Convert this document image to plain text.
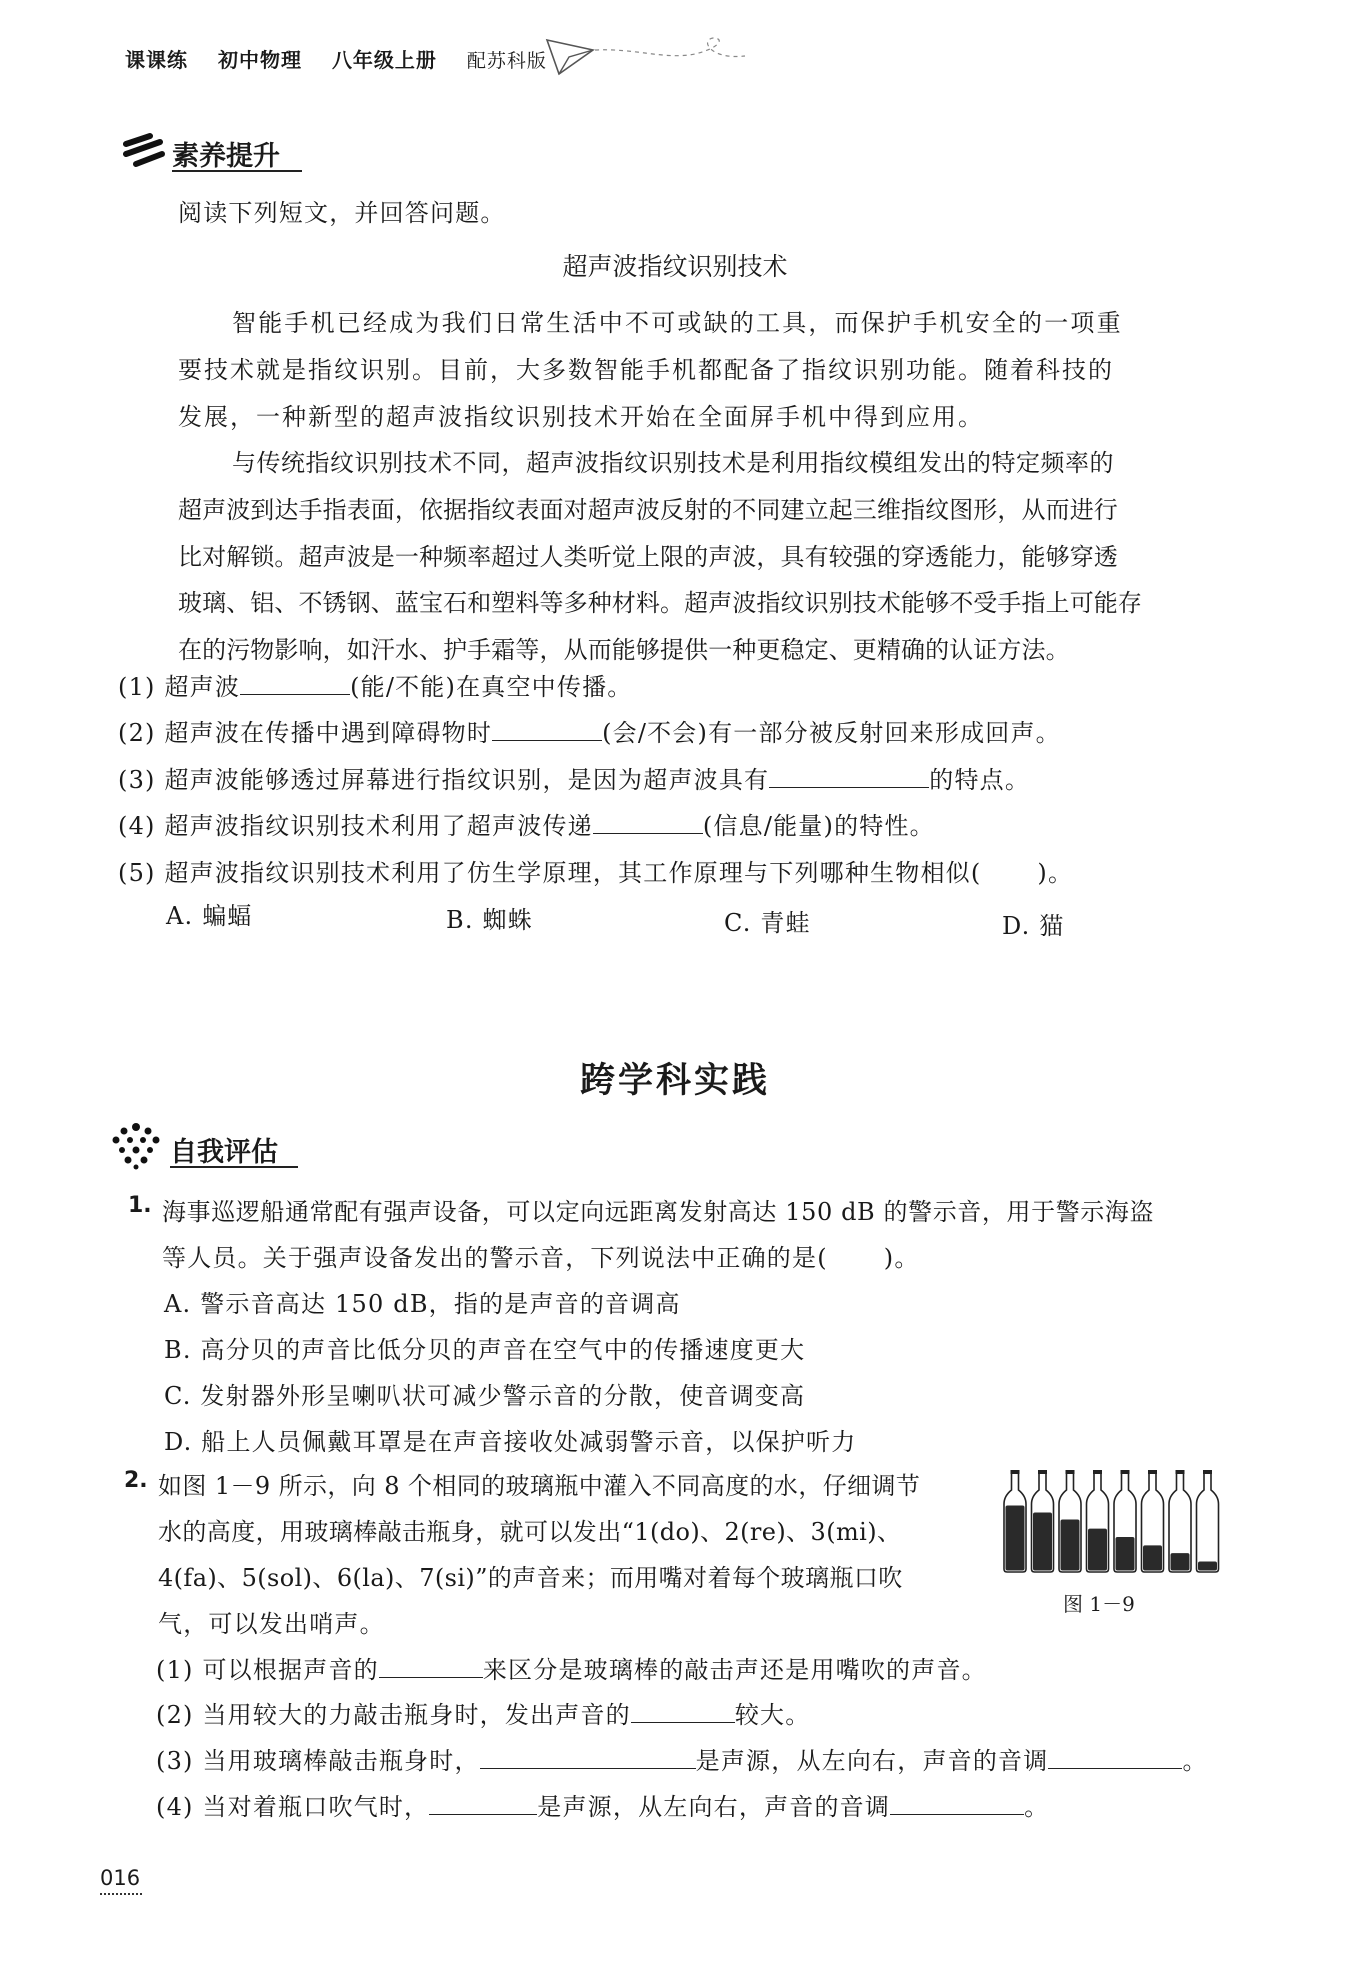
课课练 初中物理 八年级上册 配苏科版
素养提升
阅读下列短文，并回答问题。
超声波指纹识别技术
智能手机已经成为我们日常生活中不可或缺的工具，而保护手机安全的一项重
要技术就是指纹识别。目前，大多数智能手机都配备了指纹识别功能。随着科技的
发展，一种新型的超声波指纹识别技术开始在全面屏手机中得到应用。
与传统指纹识别技术不同，超声波指纹识别技术是利用指纹模组发出的特定频率的
超声波到达手指表面，依据指纹表面对超声波反射的不同建立起三维指纹图形，从而进行
比对解锁。超声波是一种频率超过人类听觉上限的声波，具有较强的穿透能力，能够穿透
玻璃、铝、不锈钢、蓝宝石和塑料等多种材料。超声波指纹识别技术能够不受手指上可能存
在的污物影响，如汗水、护手霜等，从而能够提供一种更稳定、更精确的认证方法。
(1) 超声波	(能/不能)在真空中传播。
(2) 超声波在传播中遇到障碍物时	(会/不会)有一部分被反射回来形成回声。
(3) 超声波能够透过屏幕进行指纹识别，是因为超声波具有	的特点。
(4) 超声波指纹识别技术利用了超声波传递	(信息/能量)的特性。
(5) 超声波指纹识别技术利用了仿生学原理，其工作原理与下列哪种生物相似( )。
A. 蝙蝠	B. 蜘蛛	C. 青蛙	D. 猫
跨学科实践
自我评估
1. 海事巡逻船通常配有强声设备，可以定向远距离发射高达 150 dB 的警示音，用于警示海盗
等人员。关于强声设备发出的警示音，下列说法中正确的是( )。
A. 警示音高达 150 dB，指的是声音的音调高
B. 高分贝的声音比低分贝的声音在空气中的传播速度更大
C. 发射器外形呈喇叭状可减少警示音的分散，使音调变高
D. 船上人员佩戴耳罩是在声音接收处减弱警示音，以保护听力
2. 如图 1－9 所示，向 8 个相同的玻璃瓶中灌入不同高度的水，仔细调节
水的高度，用玻璃棒敲击瓶身，就可以发出“1(do)、2(re)、3(mi)、
4(fa)、5(sol)、6(la)、7(si)”的声音来；而用嘴对着每个玻璃瓶口吹
气，可以发出哨声。
(1) 可以根据声音的	来区分是玻璃棒的敲击声还是用嘴吹的声音。
(2) 当用较大的力敲击瓶身时，发出声音的	较大。
(3) 当用玻璃棒敲击瓶身时，	是声源，从左向右，声音的音调	。
(4) 当对着瓶口吹气时，	是声源，从左向右，声音的音调	。
图 1－9
016
